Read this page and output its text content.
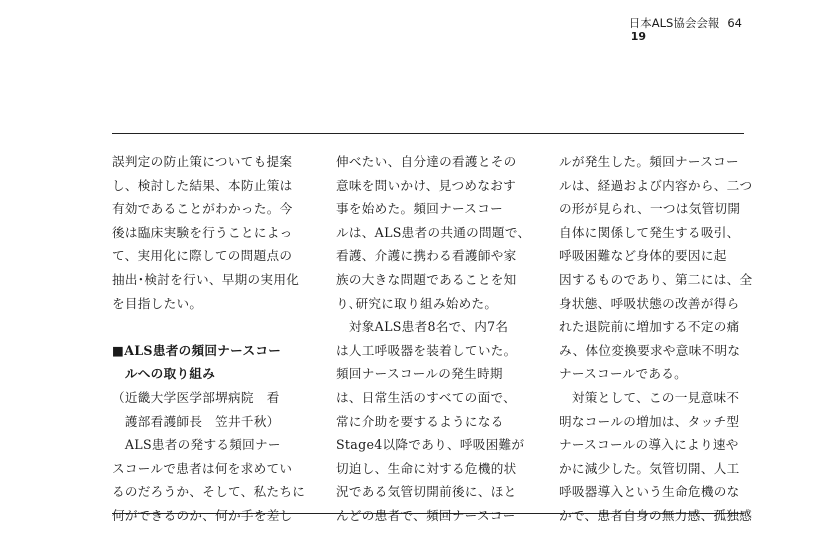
日本ALS協会会報 64
19
誤判定の防止策についても提案
し、検討した結果、本防止策は
有効であることがわかった。今
後は臨床実験を行うことによっ
て、実用化に際しての問題点の
抽出･検討を行い、早期の実用化
を目指したい。
■ALS患者の頻回ナースコー
　ルへの取り組み
（近畿大学医学部堺病院　看
　護部看護師長　笠井千秋）
　ALS患者の発する頻回ナー
スコールで患者は何を求めてい
るのだろうか、そして、私たちに
何ができるのか、何か手を差し
伸べたい、自分達の看護とその
意味を問いかけ、見つめなおす
事を始めた。頻回ナースコー
ルは、ALS患者の共通の問題で、
看護、介護に携わる看護師や家
族の大きな問題であることを知
り､研究に取り組み始めた。
　対象ALS患者8名で、内7名
は人工呼吸器を装着していた。
頻回ナースコールの発生時期
は、日常生活のすべての面で、
常に介助を要するようになる
Stage4以降であり、呼吸困難が
切迫し、生命に対する危機的状
況である気管切開前後に、ほと
んどの患者で、頻回ナースコー
ルが発生した。頻回ナースコー
ルは、経過および内容から、二つ
の形が見られ、一つは気管切開
自体に関係して発生する吸引、
呼吸困難など身体的要因に起
因するものであり、第二には、全
身状態、呼吸状態の改善が得ら
れた退院前に増加する不定の痛
み、体位変換要求や意味不明な
ナースコールである。
　対策として、この一見意味不
明なコールの増加は、タッチ型
ナースコールの導入により速や
かに減少した。気管切開、人工
呼吸器導入という生命危機のな
かで、患者自身の無力感、孤独感
